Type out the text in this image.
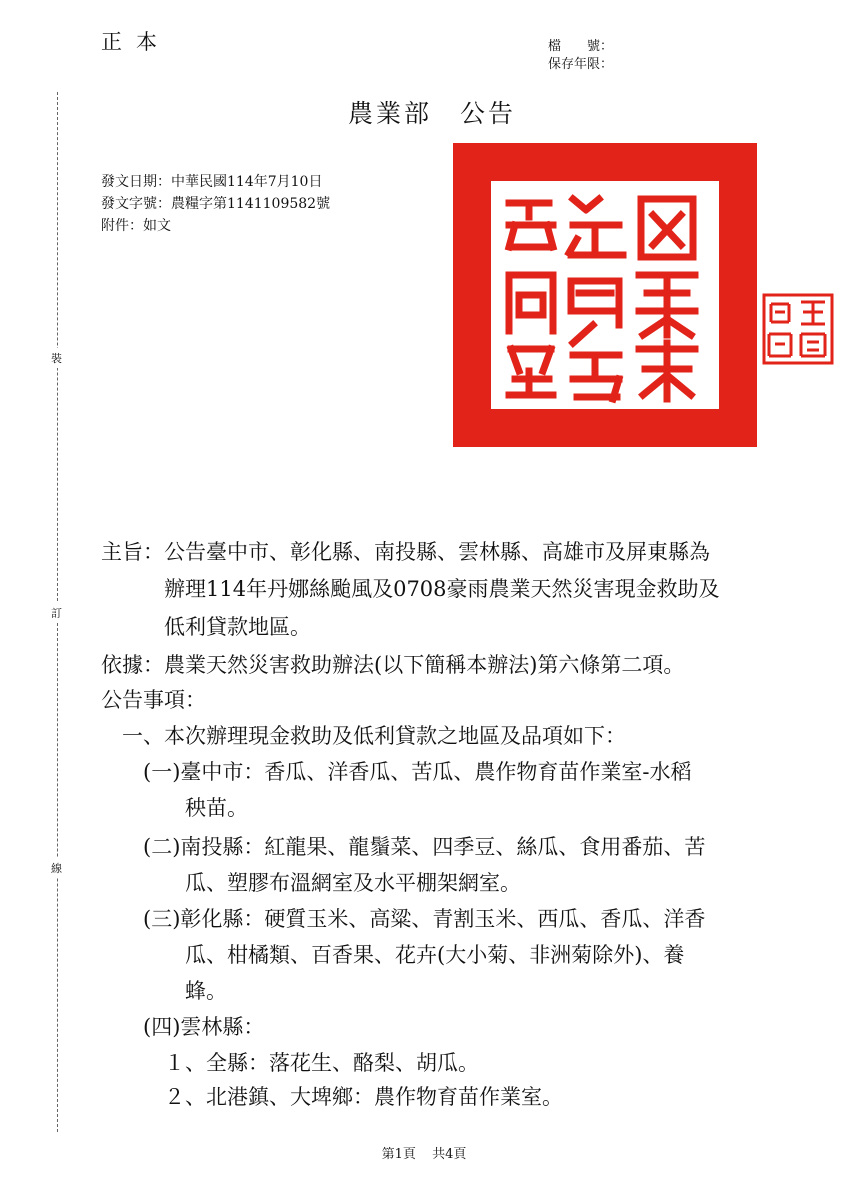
正本	檔　　號：
保存年限：
裝
訂
線
農業部　公告
發文日期：中華民國114年7月10日
發文字號：農糧字第1141109582號
附件：如文
主旨：公告臺中市、彰化縣、南投縣、雲林縣、高雄市及屏東縣為
辦理114年丹娜絲颱風及0708豪雨農業天然災害現金救助及
低利貸款地區。
依據：農業天然災害救助辦法(以下簡稱本辦法)第六條第二項。
公告事項：
一、本次辦理現金救助及低利貸款之地區及品項如下：
(一)臺中市：香瓜、洋香瓜、苦瓜、農作物育苗作業室-水稻
秧苗。
(二)南投縣：紅龍果、龍鬚菜、四季豆、絲瓜、食用番茄、苦
瓜、塑膠布溫網室及水平棚架網室。
(三)彰化縣：硬質玉米、高粱、青割玉米、西瓜、香瓜、洋香
瓜、柑橘類、百香果、花卉(大小菊、非洲菊除外)、養
蜂。
(四)雲林縣：
１、全縣：落花生、酪梨、胡瓜。
２、北港鎮、大埤鄉：農作物育苗作業室。
第1頁 共4頁
